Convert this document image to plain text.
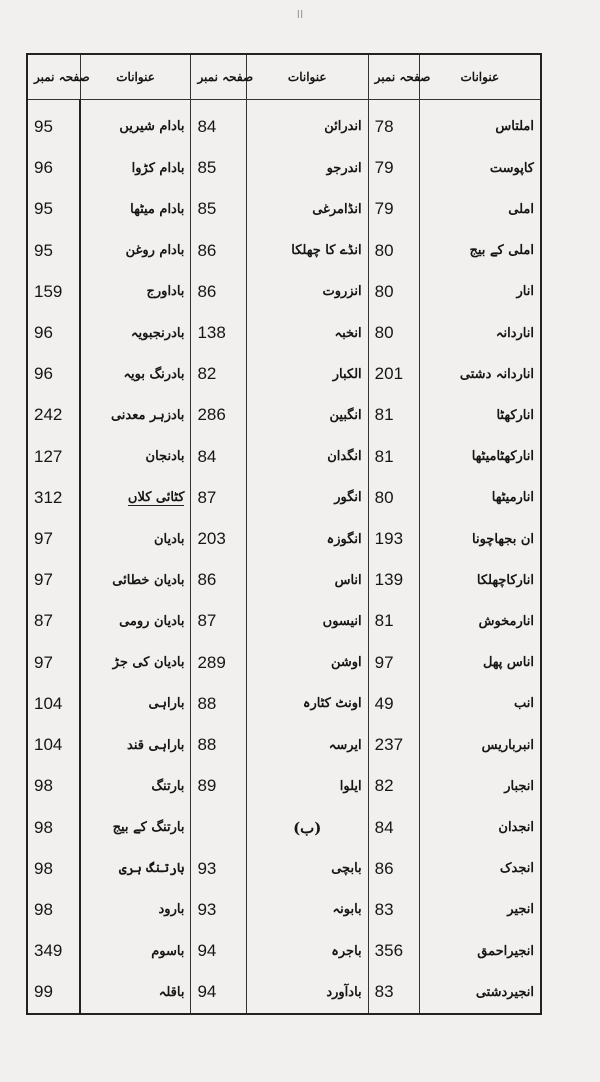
II
صفحہ نمبر	عنوانات	صفحہ نمبر	عنوانات	صفحہ نمبر	عنوانات
95	بادام شیریں	84	اندرائن	78	املتاس
96	بادام کڑوا	85	اندرجو	79	کاپوست
95	بادام میٹھا	85	انڈامرغی	79	املی
95	بادام روغن	86	انڈے کا چھلکا	80	املی کے بیج
159	باداورج	86	انزروت	80	انار
96	بادرنجبویہ	138	انخبہ	80	اناردانہ
96	بادرنگ بویہ	82	الکبار	201	اناردانہ دشتی
242	بادزہر معدنی	286	انگبین	81	انارکھٹا
127	بادنجان	84	انگدان	81	انارکھٹامیٹھا
312	کٹائی کلاں	87	انگور	80	انارمیٹھا
97	بادیان	203	انگوزہ	193	ان بجھاچونا
97	بادیان خطائی	86	اناس	139	انارکاچھلکا
87	بادیان رومی	87	انیسوں	81	انارمخوش
97	بادیان کی جڑ	289	اوشن	97	اناس پھل
104	باراہی	88	اونٹ کٹارہ	49	انب
104	باراہی قند	88	ایرسہ	237	انبرباریس
98	بارتنگ	89	ایلوا	82	انجبار
98	بارتنگ کے بیج		(ب)	84	انجدان
98	بارتنگ ہری	93	بابچی	86	انجدک
98	بارود	93	بابونہ	83	انجیر
349	باسوم	94	باجرہ	356	انجیراحمق
99	باقلہ	94	بادآورد	83	انجیردشتی
